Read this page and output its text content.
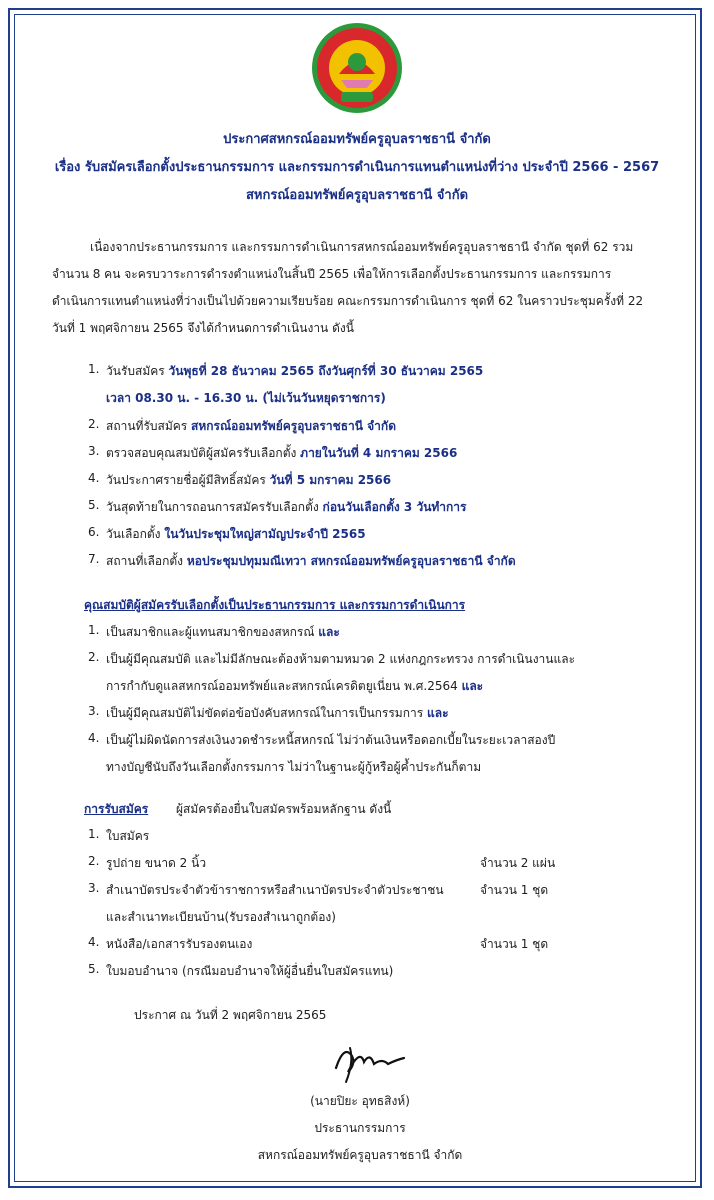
ประกาศสหกรณ์ออมทรัพย์ครูอุบลราชธานี จำกัด
เรื่อง รับสมัครเลือกตั้งประธานกรรมการ และกรรมการดำเนินการแทนตำแหน่งที่ว่าง ประจำปี 2566 - 2567
สหกรณ์ออมทรัพย์ครูอุบลราชธานี จำกัด
เนื่องจากประธานกรรมการ และกรรมการดำเนินการสหกรณ์ออมทรัพย์ครูอุบลราชธานี จำกัด ชุดที่ 62 รวม
จำนวน 8 คน จะครบวาระการดำรงตำแหน่งในสิ้นปี 2565 เพื่อให้การเลือกตั้งประธานกรรมการ และกรรมการ
ดำเนินการแทนตำแหน่งที่ว่างเป็นไปด้วยความเรียบร้อย คณะกรรมการดำเนินการ ชุดที่ 62 ในคราวประชุมครั้งที่ 22
วันที่ 1 พฤศจิกายน 2565 จึงได้กำหนดการดำเนินงาน ดังนี้
1. วันรับสมัคร วันพุธที่ 28 ธันวาคม 2565 ถึงวันศุกร์ที่ 30 ธันวาคม 2565
เวลา 08.30 น. - 16.30 น. (ไม่เว้นวันหยุดราชการ)
2. สถานที่รับสมัคร สหกรณ์ออมทรัพย์ครูอุบลราชธานี จำกัด
3. ตรวจสอบคุณสมบัติผู้สมัครรับเลือกตั้ง ภายในวันที่ 4 มกราคม 2566
4. วันประกาศรายชื่อผู้มีสิทธิ์สมัคร วันที่ 5 มกราคม 2566
5. วันสุดท้ายในการถอนการสมัครรับเลือกตั้ง ก่อนวันเลือกตั้ง 3 วันทำการ
6. วันเลือกตั้ง ในวันประชุมใหญ่สามัญประจำปี 2565
7. สถานที่เลือกตั้ง หอประชุมปทุมมณีเทวา สหกรณ์ออมทรัพย์ครูอุบลราชธานี จำกัด
คุณสมบัติผู้สมัครรับเลือกตั้งเป็นประธานกรรมการ และกรรมการดำเนินการ
1. เป็นสมาชิกและผู้แทนสมาชิกของสหกรณ์ และ
2. เป็นผู้มีคุณสมบัติ และไม่มีลักษณะต้องห้ามตามหมวด 2 แห่งกฎกระทรวง การดำเนินงานและ
การกำกับดูแลสหกรณ์ออมทรัพย์และสหกรณ์เครดิตยูเนี่ยน พ.ศ.2564 และ
3. เป็นผู้มีคุณสมบัติไม่ขัดต่อข้อบังคับสหกรณ์ในการเป็นกรรมการ และ
4. เป็นผู้ไม่ผิดนัดการส่งเงินงวดชำระหนี้สหกรณ์ ไม่ว่าต้นเงินหรือดอกเบี้ยในระยะเวลาสองปี
ทางบัญชีนับถึงวันเลือกตั้งกรรมการ ไม่ว่าในฐานะผู้กู้หรือผู้ค้ำประกันก็ตาม
การรับสมัคร ผู้สมัครต้องยื่นใบสมัครพร้อมหลักฐาน ดังนี้
1. ใบสมัคร
2. รูปถ่าย ขนาด 2 นิ้ว	จำนวน 2 แผ่น
3. สำเนาบัตรประจำตัวข้าราชการหรือสำเนาบัตรประจำตัวประชาชน	จำนวน 1 ชุด
และสำเนาทะเบียนบ้าน(รับรองสำเนาถูกต้อง)
4. หนังสือ/เอกสารรับรองตนเอง	จำนวน 1 ชุด
5. ใบมอบอำนาจ (กรณีมอบอำนาจให้ผู้อื่นยื่นใบสมัครแทน)
ประกาศ ณ วันที่ 2 พฤศจิกายน 2565
(นายปิยะ อุทธสิงห์)
ประธานกรรมการ
สหกรณ์ออมทรัพย์ครูอุบลราชธานี จำกัด
